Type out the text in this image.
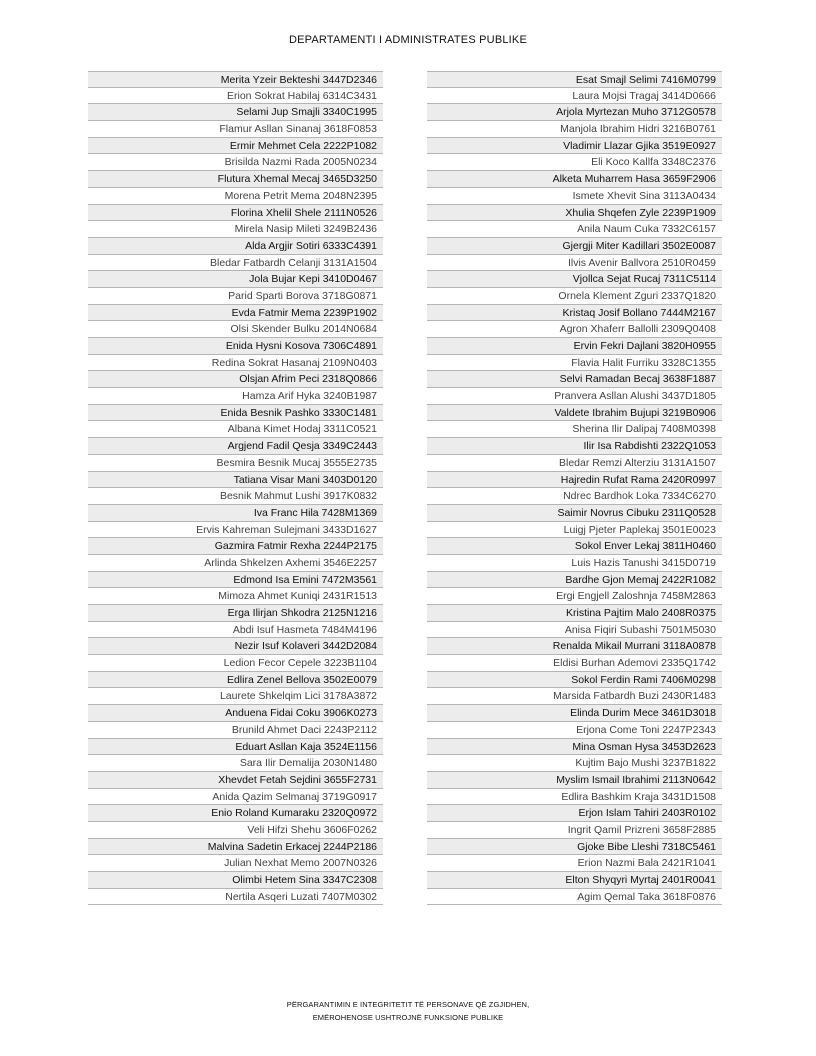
DEPARTAMENTI I ADMINISTRATES PUBLIKE
Merita Yzeir Bekteshi 3447D2346
Erion Sokrat Habilaj 6314C3431
Selami Jup Smajli 3340C1995
Flamur Asllan Sinanaj 3618F0853
Ermir Mehmet Cela 2222P1082
Brisilda Nazmi Rada 2005N0234
Flutura Xhemal Mecaj 3465D3250
Morena Petrit Mema 2048N2395
Florina Xhelil Shele 2111N0526
Mirela Nasip Mileti 3249B2436
Alda Argjir Sotiri 6333C4391
Bledar Fatbardh Celanji 3131A1504
Jola Bujar Kepi 3410D0467
Parid Sparti Borova 3718G0871
Evda Fatmir Mema 2239P1902
Olsi Skender Bulku 2014N0684
Enida Hysni Kosova 7306C4891
Redina Sokrat Hasanaj 2109N0403
Olsjan Afrim Peci 2318Q0866
Hamza Arif Hyka 3240B1987
Enida Besnik Pashko 3330C1481
Albana Kimet Hodaj 3311C0521
Argjend Fadil Qesja 3349C2443
Besmira Besnik Mucaj 3555E2735
Tatiana Visar Mani 3403D0120
Besnik Mahmut Lushi 3917K0832
Iva Franc Hila 7428M1369
Ervis Kahreman Sulejmani 3433D1627
Gazmira Fatmir Rexha 2244P2175
Arlinda Shkelzen Axhemi 3546E2257
Edmond Isa Emini 7472M3561
Mimoza Ahmet Kuniqi 2431R1513
Erga Ilirjan Shkodra 2125N1216
Abdi Isuf Hasmeta 7484M4196
Nezir Isuf Kolaveri 3442D2084
Ledion Fecor Cepele 3223B1104
Edlira Zenel Bellova 3502E0079
Laurete Shkelqim Lici 3178A3872
Anduena Fidai Coku 3906K0273
Brunild Ahmet Daci 2243P2112
Eduart Asllan Kaja 3524E1156
Sara Ilir Demalija 2030N1480
Xhevdet Fetah Sejdini 3655F2731
Anida Qazim Selmanaj 3719G0917
Enio Roland Kumaraku 2320Q0972
Veli Hifzi Shehu 3606F0262
Malvina Sadetin Erkacej 2244P2186
Julian Nexhat Memo 2007N0326
Olimbi Hetem Sina 3347C2308
Nertila Asqeri Luzati 7407M0302
Esat Smajl Selimi 7416M0799
Laura Mojsi Tragaj 3414D0666
Arjola Myrtezan Muho 3712G0578
Manjola Ibrahim Hidri 3216B0761
Vladimir Llazar Gjika 3519E0927
Eli Koco Kallfa 3348C2376
Alketa Muharrem Hasa 3659F2906
Ismete Xhevit Sina 3113A0434
Xhulia Shqefen Zyle 2239P1909
Anila Naum Cuka 7332C6157
Gjergji Miter Kadillari 3502E0087
Ilvis Avenir Ballvora 2510R0459
Vjollca Sejat Rucaj 7311C5114
Ornela Klement Zguri 2337Q1820
Kristaq Josif Bollano 7444M2167
Agron Xhaferr Ballolli 2309Q0408
Ervin Fekri Dajlani 3820H0955
Flavia Halit Furriku 3328C1355
Selvi Ramadan Becaj 3638F1887
Pranvera Asllan Alushi 3437D1805
Valdete Ibrahim Bujupi 3219B0906
Sherina Ilir Dalipaj 7408M0398
Ilir Isa Rabdishti 2322Q1053
Bledar Remzi Alterziu 3131A1507
Hajredin Rufat Rama 2420R0997
Ndrec Bardhok Loka 7334C6270
Saimir Novrus Cibuku 2311Q0528
Luigj Pjeter Paplekaj 3501E0023
Sokol Enver Lekaj 3811H0460
Luis Hazis Tanushi 3415D0719
Bardhe Gjon Memaj 2422R1082
Ergi Engjell Zaloshnja 7458M2863
Kristina Pajtim Malo 2408R0375
Anisa Fiqiri Subashi 7501M5030
Renalda Mikail Murrani 3118A0878
Eldisi Burhan Ademovi 2335Q1742
Sokol Ferdin Rami 7406M0298
Marsida Fatbardh Buzi 2430R1483
Elinda Durim Mece 3461D3018
Erjona Come Toni 2247P2343
Mina Osman Hysa 3453D2623
Kujtim Bajo Mushi 3237B1822
Myslim Ismail Ibrahimi 2113N0642
Edlira Bashkim Kraja 3431D1508
Erjon Islam Tahiri 2403R0102
Ingrit Qamil Prizreni 3658F2885
Gjoke Bibe Lleshi 7318C5461
Erion Nazmi Bala 2421R1041
Elton Shyqyri Myrtaj 2401R0041
Agim Qemal Taka 3618F0876
PËRGARANTIMIN E INTEGRITETIT TË PERSONAVE QË ZGJIDHEN,
EMËROHENOSE USHTROJNË FUNKSIONE PUBLIKE
